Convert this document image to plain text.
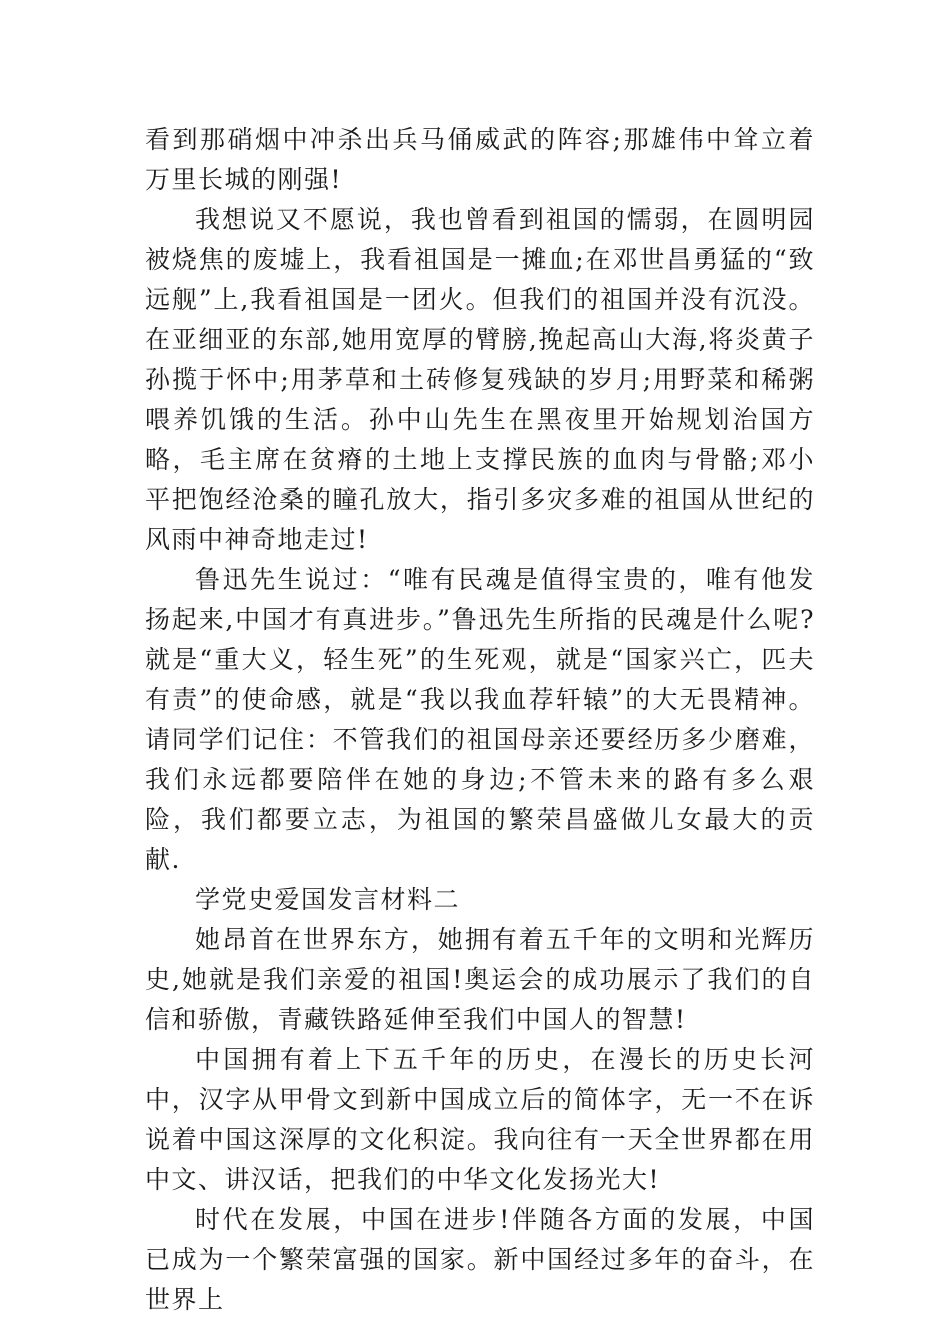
看到那硝烟中冲杀出兵马俑威武的阵容;那雄伟中耸立着万里长城的刚强!

我想说又不愿说，我也曾看到祖国的懦弱，在圆明园被烧焦的废墟上，我看祖国是一摊血;在邓世昌勇猛的“致远舰”上,我看祖国是一团火。但我们的祖国并没有沉没。在亚细亚的东部,她用宽厚的臂膀,挽起高山大海,将炎黄子孙揽于怀中;用茅草和土砖修复残缺的岁月;用野菜和稀粥喂养饥饿的生活。孙中山先生在黑夜里开始规划治国方略，毛主席在贫瘠的土地上支撑民族的血肉与骨骼;邓小平把饱经沧桑的瞳孔放大，指引多灾多难的祖国从世纪的风雨中神奇地走过!

鲁迅先生说过：“唯有民魂是值得宝贵的，唯有他发扬起来,中国才有真进步。”鲁迅先生所指的民魂是什么呢?就是“重大义，轻生死”的生死观，就是“国家兴亡，匹夫有责”的使命感，就是“我以我血荐轩辕”的大无畏精神。请同学们记住：不管我们的祖国母亲还要经历多少磨难，我们永远都要陪伴在她的身边;不管未来的路有多么艰险，我们都要立志，为祖国的繁荣昌盛做儿女最大的贡献.

学党史爱国发言材料二

她昂首在世界东方，她拥有着五千年的文明和光辉历史,她就是我们亲爱的祖国!奥运会的成功展示了我们的自信和骄傲，青藏铁路延伸至我们中国人的智慧!

中国拥有着上下五千年的历史，在漫长的历史长河中，汉字从甲骨文到新中国成立后的简体字，无一不在诉说着中国这深厚的文化积淀。我向往有一天全世界都在用中文、讲汉话，把我们的中华文化发扬光大!

时代在发展，中国在进步!伴随各方面的发展，中国已成为一个繁荣富强的国家。新中国经过多年的奋斗，在世界上
